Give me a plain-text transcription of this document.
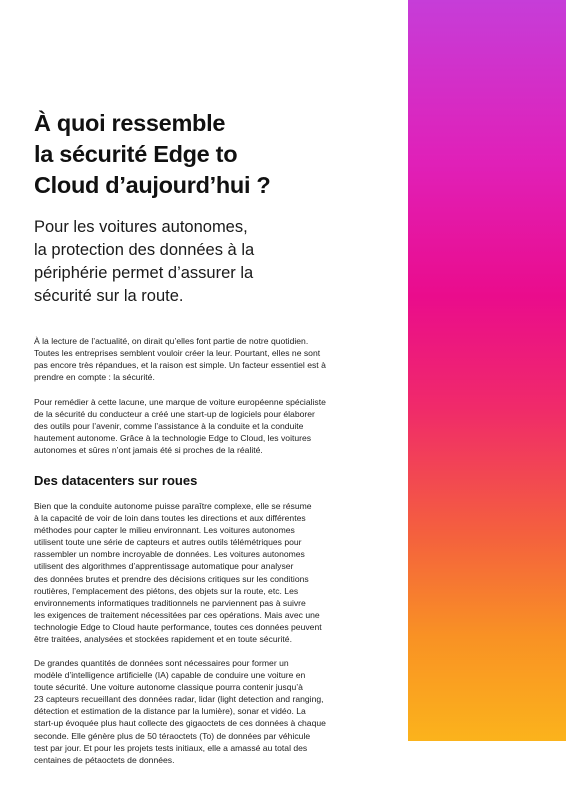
À quoi ressemble
la sécurité Edge to
Cloud d’aujourd’hui ?
Pour les voitures autonomes,
la protection des données à la
périphérie permet d’assurer la
sécurité sur la route.

À la lecture de l’actualité, on dirait qu’elles font partie de notre quotidien.
Toutes les entreprises semblent vouloir créer la leur. Pourtant, elles ne sont
pas encore très répandues, et la raison est simple. Un facteur essentiel est à
prendre en compte : la sécurité.

Pour remédier à cette lacune, une marque de voiture européenne spécialiste
de la sécurité du conducteur a créé une start-up de logiciels pour élaborer
des outils pour l’avenir, comme l’assistance à la conduite et la conduite
hautement autonome. Grâce à la technologie Edge to Cloud, les voitures
autonomes et sûres n’ont jamais été si proches de la réalité.

Des datacenters sur roues

Bien que la conduite autonome puisse paraître complexe, elle se résume
à la capacité de voir de loin dans toutes les directions et aux différentes
méthodes pour capter le milieu environnant. Les voitures autonomes
utilisent toute une série de capteurs et autres outils télémétriques pour
rassembler un nombre incroyable de données. Les voitures autonomes
utilisent des algorithmes d’apprentissage automatique pour analyser
des données brutes et prendre des décisions critiques sur les conditions
routières, l’emplacement des piétons, des objets sur la route, etc. Les
environnements informatiques traditionnels ne parviennent pas à suivre
les exigences de traitement nécessitées par ces opérations. Mais avec une
technologie Edge to Cloud haute performance, toutes ces données peuvent
être traitées, analysées et stockées rapidement et en toute sécurité.

De grandes quantités de données sont nécessaires pour former un
modèle d’intelligence artificielle (IA) capable de conduire une voiture en
toute sécurité. Une voiture autonome classique pourra contenir jusqu’à
23 capteurs recueillant des données radar, lidar (light detection and ranging,
détection et estimation de la distance par la lumière), sonar et vidéo. La
start-up évoquée plus haut collecte des gigaoctets de ces données à chaque
seconde. Elle génère plus de 50 téraoctets (To) de données par véhicule
test par jour. Et pour les projets tests initiaux, elle a amassé au total des
centaines de pétaoctets de données.
